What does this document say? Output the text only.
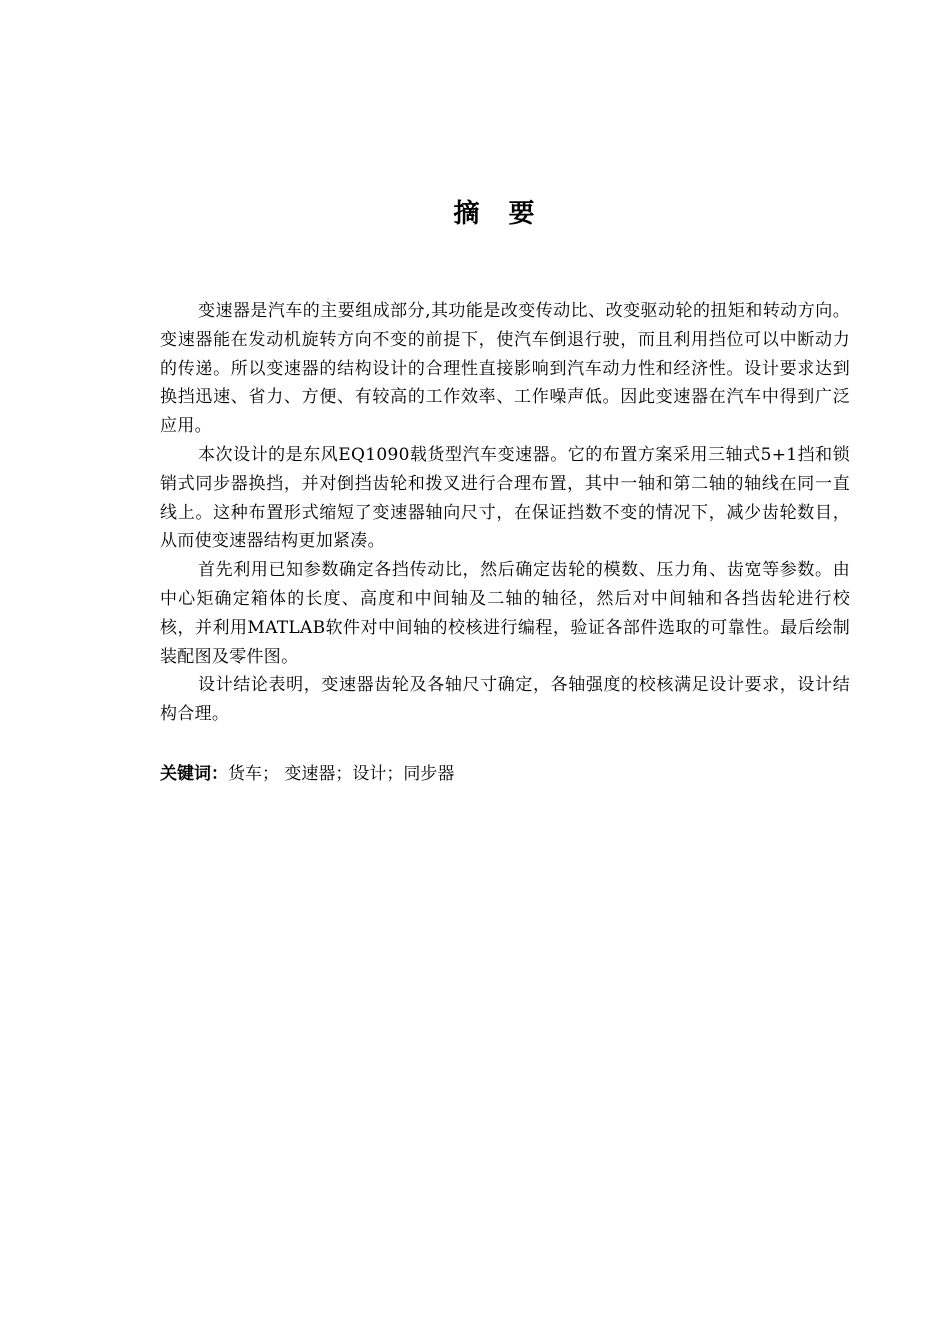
摘 要

变速器是汽车的主要组成部分,其功能是改变传动比、改变驱动轮的扭矩和转动方向。变速器能在发动机旋转方向不变的前提下，使汽车倒退行驶，而且利用挡位可以中断动力的传递。所以变速器的结构设计的合理性直接影响到汽车动力性和经济性。设计要求达到换挡迅速、省力、方便、有较高的工作效率、工作噪声低。因此变速器在汽车中得到广泛应用。

本次设计的是东风EQ1090载货型汽车变速器。它的布置方案采用三轴式5+1挡和锁销式同步器换挡，并对倒挡齿轮和拨叉进行合理布置，其中一轴和第二轴的轴线在同一直线上。这种布置形式缩短了变速器轴向尺寸，在保证挡数不变的情况下，减少齿轮数目，从而使变速器结构更加紧凑。

首先利用已知参数确定各挡传动比，然后确定齿轮的模数、压力角、齿宽等参数。由中心矩确定箱体的长度、高度和中间轴及二轴的轴径，然后对中间轴和各挡齿轮进行校核，并利用MATLAB软件对中间轴的校核进行编程，验证各部件选取的可靠性。最后绘制装配图及零件图。

设计结论表明，变速器齿轮及各轴尺寸确定，各轴强度的校核满足设计要求，设计结构合理。

关键词：货车； 变速器；设计；同步器
